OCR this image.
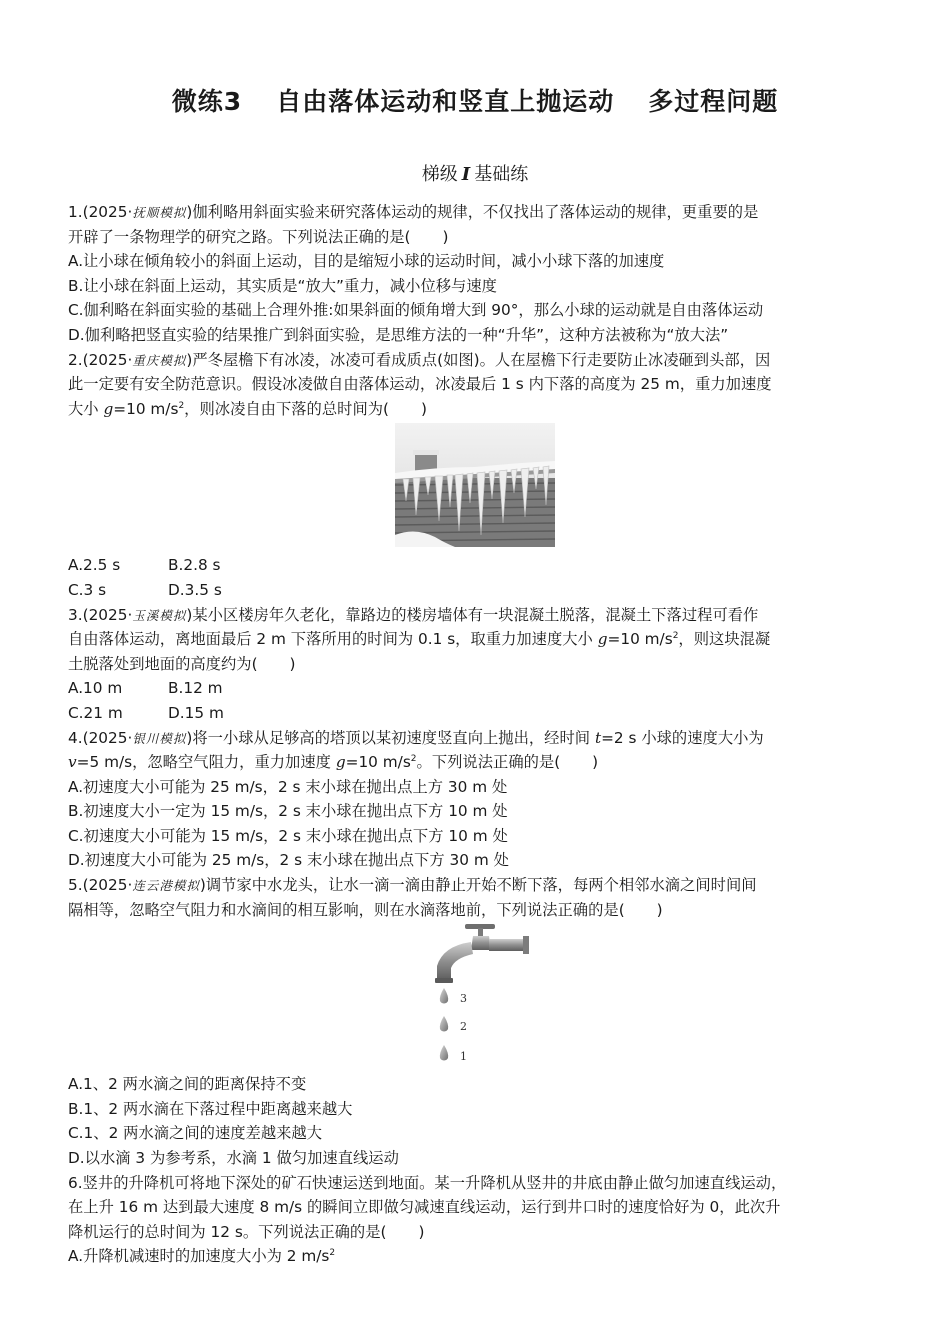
微练3 自由落体运动和竖直上抛运动 多过程问题
梯级 I 基础练
1.(2025·抚顺模拟)伽利略用斜面实验来研究落体运动的规律，不仅找出了落体运动的规律，更重要的是
开辟了一条物理学的研究之路。下列说法正确的是( )
A.让小球在倾角较小的斜面上运动，目的是缩短小球的运动时间，减小小球下落的加速度
B.让小球在斜面上运动，其实质是“放大”重力，减小位移与速度
C.伽利略在斜面实验的基础上合理外推:如果斜面的倾角增大到 90°，那么小球的运动就是自由落体运动
D.伽利略把竖直实验的结果推广到斜面实验，是思维方法的一种“升华”，这种方法被称为“放大法”
2.(2025·重庆模拟)严冬屋檐下有冰凌，冰凌可看成质点(如图)。人在屋檐下行走要防止冰凌砸到头部，因
此一定要有安全防范意识。假设冰凌做自由落体运动，冰凌最后 1 s 内下落的高度为 25 m，重力加速度
大小 g=10 $m/s^2$，则冰凌自由下落的总时间为( )
A.2.5 s	B.2.8 s
C.3 s	D.3.5 s
3.(2025·玉溪模拟)某小区楼房年久老化，靠路边的楼房墙体有一块混凝土脱落，混凝土下落过程可看作
自由落体运动，离地面最后 2 m 下落所用的时间为 0.1 s，取重力加速度大小 g=10 $m/s^2$，则这块混凝
土脱落处到地面的高度约为( )
A.10 m	B.12 m
C.21 m	D.15 m
4.(2025·银川模拟)将一小球从足够高的塔顶以某初速度竖直向上抛出，经时间 t=2 s 小球的速度大小为
v=5 m/s，忽略空气阻力，重力加速度 g=10 $m/s^2$。下列说法正确的是( )
A.初速度大小可能为 25 m/s，2 s 末小球在抛出点上方 30 m 处
B.初速度大小一定为 15 m/s，2 s 末小球在抛出点下方 10 m 处
C.初速度大小可能为 15 m/s，2 s 末小球在抛出点下方 10 m 处
D.初速度大小可能为 25 m/s，2 s 末小球在抛出点下方 30 m 处
5.(2025·连云港模拟)调节家中水龙头，让水一滴一滴由静止开始不断下落，每两个相邻水滴之间时间间
隔相等，忽略空气阻力和水滴间的相互影响，则在水滴落地前，下列说法正确的是( )
3
2
1
A.1、2 两水滴之间的距离保持不变
B.1、2 两水滴在下落过程中距离越来越大
C.1、2 两水滴之间的速度差越来越大
D.以水滴 3 为参考系，水滴 1 做匀加速直线运动
6.竖井的升降机可将地下深处的矿石快速运送到地面。某一升降机从竖井的井底由静止做匀加速直线运动，
在上升 16 m 达到最大速度 8 m/s 的瞬间立即做匀减速直线运动，运行到井口时的速度恰好为 0，此次升
降机运行的总时间为 12 s。下列说法正确的是( )
A.升降机减速时的加速度大小为 2 $m/s^2$
